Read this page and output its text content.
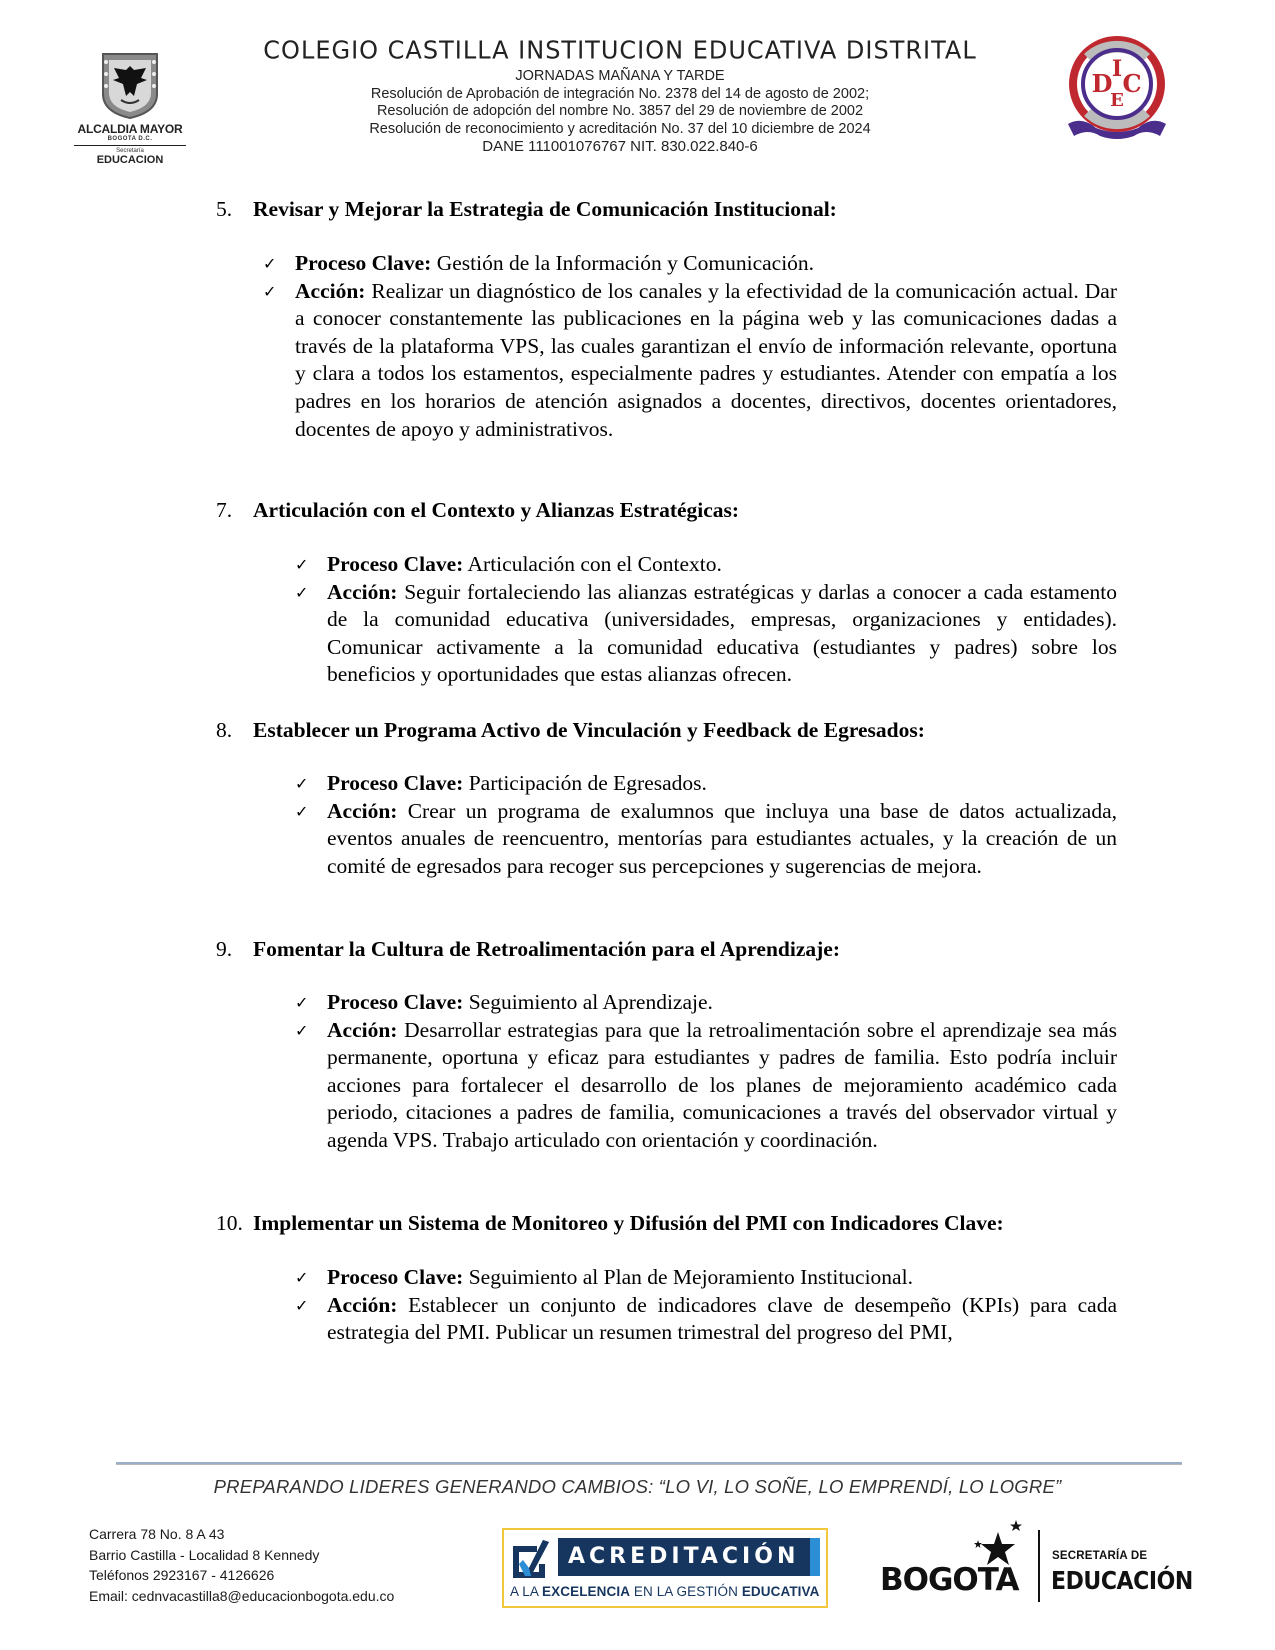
ALCALDIA MAYOR
BOGOTA D.C.
Secretaría
EDUCACION
COLEGIO CASTILLA INSTITUCION EDUCATIVA DISTRITAL
JORNADAS MAÑANA Y TARDE
Resolución de Aprobación de integración No. 2378 del 14 de agosto de 2002;
Resolución de adopción del nombre No. 3857 del 29 de noviembre de 2002
Resolución de reconocimiento y acreditación No. 37 del 10 diciembre de 2024
DANE 111001076767 NIT. 830.022.840-6
I
D C
E
5. Revisar y Mejorar la Estrategia de Comunicación Institucional:
✓ Proceso Clave: Gestión de la Información y Comunicación.
✓ Acción: Realizar un diagnóstico de los canales y la efectividad de la comunicación actual. Dar a conocer constantemente las publicaciones en la página web y las comunicaciones dadas a través de la plataforma VPS, las cuales garantizan el envío de información relevante, oportuna y clara a todos los estamentos, especialmente padres y estudiantes. Atender con empatía a los padres en los horarios de atención asignados a docentes, directivos, docentes orientadores, docentes de apoyo y administrativos.
7. Articulación con el Contexto y Alianzas Estratégicas:
✓ Proceso Clave: Articulación con el Contexto.
✓ Acción: Seguir fortaleciendo las alianzas estratégicas y darlas a conocer a cada estamento de la comunidad educativa (universidades, empresas, organizaciones y entidades). Comunicar activamente a la comunidad educativa (estudiantes y padres) sobre los beneficios y oportunidades que estas alianzas ofrecen.
8. Establecer un Programa Activo de Vinculación y Feedback de Egresados:
✓ Proceso Clave: Participación de Egresados.
✓ Acción: Crear un programa de exalumnos que incluya una base de datos actualizada, eventos anuales de reencuentro, mentorías para estudiantes actuales, y la creación de un comité de egresados para recoger sus percepciones y sugerencias de mejora.
9. Fomentar la Cultura de Retroalimentación para el Aprendizaje:
✓ Proceso Clave: Seguimiento al Aprendizaje.
✓ Acción: Desarrollar estrategias para que la retroalimentación sobre el aprendizaje sea más permanente, oportuna y eficaz para estudiantes y padres de familia. Esto podría incluir acciones para fortalecer el desarrollo de los planes de mejoramiento académico cada periodo, citaciones a padres de familia, comunicaciones a través del observador virtual y agenda VPS. Trabajo articulado con orientación y coordinación.
10. Implementar un Sistema de Monitoreo y Difusión del PMI con Indicadores Clave:
✓ Proceso Clave: Seguimiento al Plan de Mejoramiento Institucional.
✓ Acción: Establecer un conjunto de indicadores clave de desempeño (KPIs) para cada estrategia del PMI. Publicar un resumen trimestral del progreso del PMI,
PREPARANDO LIDERES GENERANDO CAMBIOS: “LO VI, LO SOÑE, LO EMPRENDÍ, LO LOGRE”
Carrera 78 No. 8 A 43
Barrio Castilla - Localidad 8 Kennedy
Teléfonos 2923167 - 4126626
Email: cednvacastilla8@educacionbogota.edu.co
ACREDITACIÓN
A LA EXCELENCIA EN LA GESTIÓN EDUCATIVA BOGOTA
SECRETARÍA DE
EDUCACIÓN
